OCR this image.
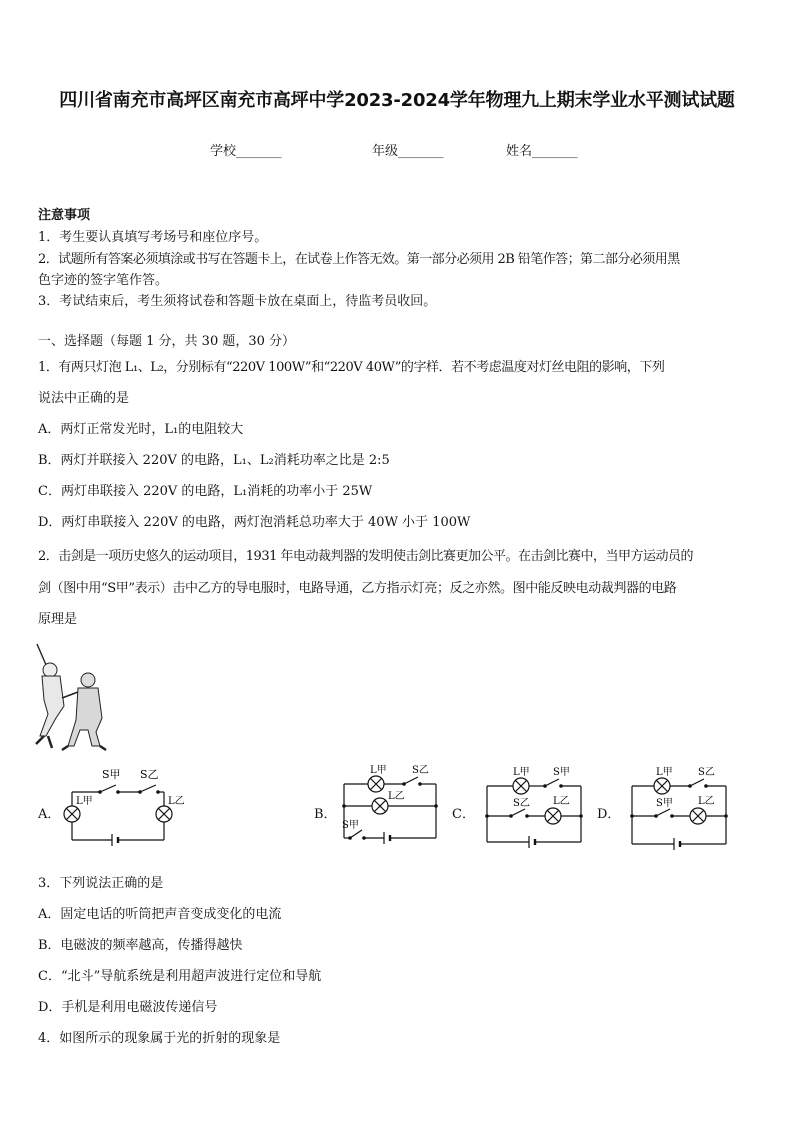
四川省南充市高坪区南充市高坪中学2023-2024学年物理九上期末学业水平测试试题
学校_______	年级_______	姓名_______
注意事项
1．考生要认真填写考场号和座位序号。
2．试题所有答案必须填涂或书写在答题卡上，在试卷上作答无效。第一部分必须用 2B 铅笔作答；第二部分必须用黑
色字迹的签字笔作答。
3．考试结束后，考生须将试卷和答题卡放在桌面上，待监考员收回。
一、选择题（每题 1 分，共 30 题，30 分）
1．有两只灯泡 L₁、L₂，分别标有“220V 100W”和“220V 40W”的字样．若不考虑温度对灯丝电阻的影响，下列
说法中正确的是
A．两灯正常发光时，L₁的电阻较大
B．两灯并联接入 220V 的电路，L₁、L₂消耗功率之比是 2:5
C．两灯串联接入 220V 的电路，L₁消耗的功率小于 25W
D．两灯串联接入 220V 的电路，两灯泡消耗总功率大于 40W 小于 100W
2．击剑是一项历史悠久的运动项目，1931 年电动裁判器的发明使击剑比赛更加公平。在击剑比赛中，当甲方运动员的
剑（图中用“S甲”表示）击中乙方的导电服时，电路导通，乙方指示灯亮；反之亦然。图中能反映电动裁判器的电路
原理是
A．	B．	C．	D．
S甲 S乙
L甲	L乙
L甲	S乙
L乙
S甲
L甲 S甲
S乙 L乙
L甲	S乙
S甲	L乙
3．下列说法正确的是
A．固定电话的听筒把声音变成变化的电流
B．电磁波的频率越高，传播得越快
C．“北斗”导航系统是利用超声波进行定位和导航
D．手机是利用电磁波传递信号
4．如图所示的现象属于光的折射的现象是
